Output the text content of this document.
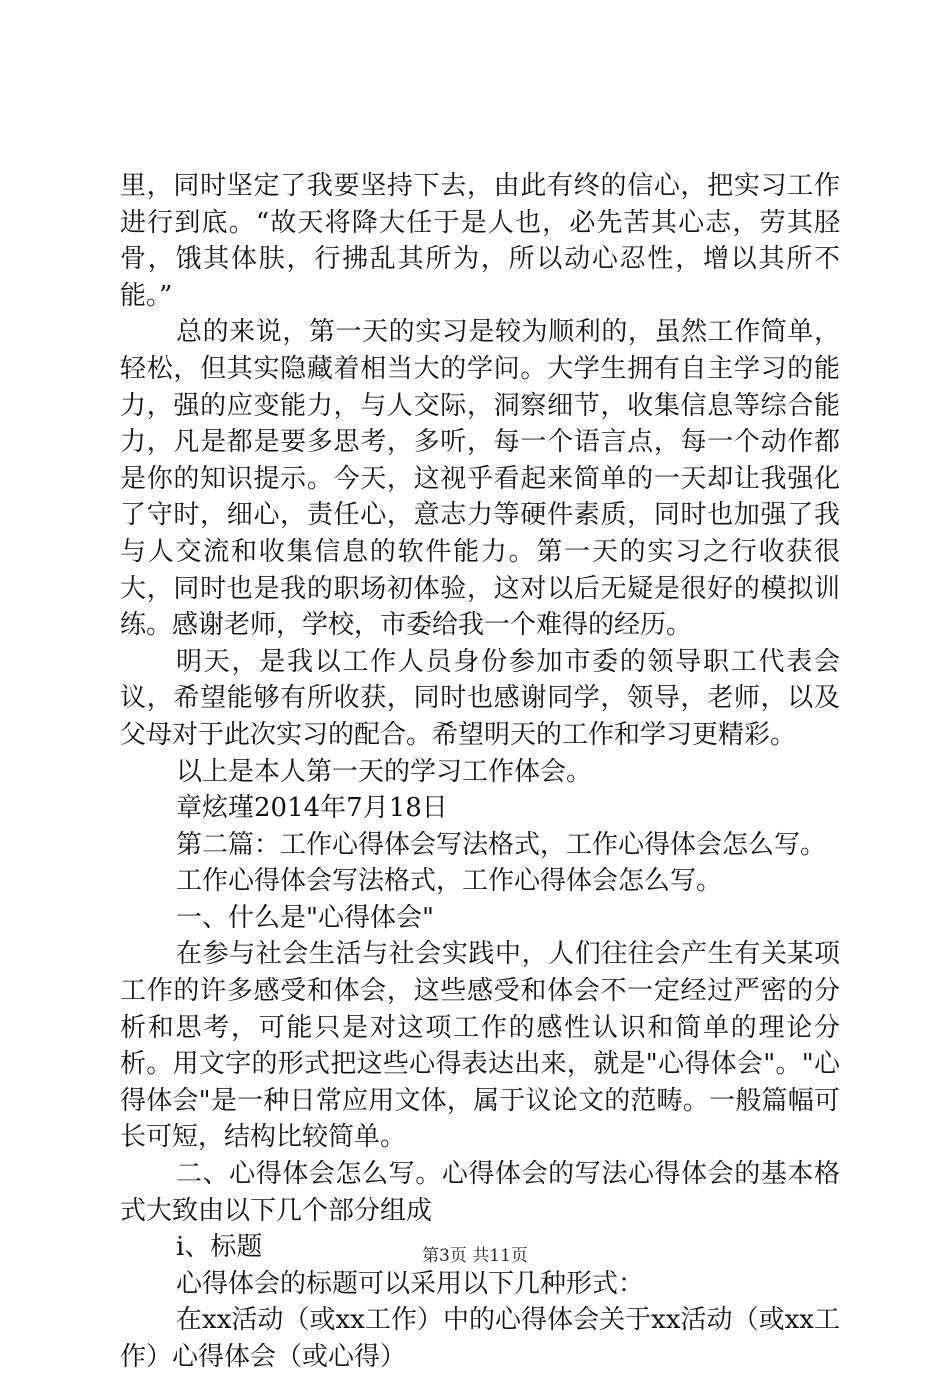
里，同时坚定了我要坚持下去，由此有终的信心，把实习工作进行到底。“故天将降大任于是人也，必先苦其心志，劳其胫骨，饿其体肤，行拂乱其所为，所以动心忍性，增以其所不能。”

总的来说，第一天的实习是较为顺利的，虽然工作简单，轻松，但其实隐藏着相当大的学问。大学生拥有自主学习的能力，强的应变能力，与人交际，洞察细节，收集信息等综合能力，凡是都是要多思考，多听，每一个语言点，每一个动作都是你的知识提示。今天，这视乎看起来简单的一天却让我强化了守时，细心，责任心，意志力等硬件素质，同时也加强了我与人交流和收集信息的软件能力。第一天的实习之行收获很大，同时也是我的职场初体验，这对以后无疑是很好的模拟训练。感谢老师，学校，市委给我一个难得的经历。

明天，是我以工作人员身份参加市委的领导职工代表会议，希望能够有所收获，同时也感谢同学，领导，老师，以及父母对于此次实习的配合。希望明天的工作和学习更精彩。

以上是本人第一天的学习工作体会。

章炫瑾2014年7月18日

第二篇：工作心得体会写法格式，工作心得体会怎么写。

工作心得体会写法格式，工作心得体会怎么写。

一、什么是"心得体会"

在参与社会生活与社会实践中，人们往往会产生有关某项工作的许多感受和体会，这些感受和体会不一定经过严密的分析和思考，可能只是对这项工作的感性认识和简单的理论分析。用文字的形式把这些心得表达出来，就是"心得体会"。"心得体会"是一种日常应用文体，属于议论文的范畴。一般篇幅可长可短，结构比较简单。

二、心得体会怎么写。心得体会的写法心得体会的基本格式大致由以下几个部分组成

i、标题

心得体会的标题可以采用以下几种形式：

在xx活动（或xx工作）中的心得体会关于xx活动（或xx工作）心得体会（或心得）

第3页 共11页
